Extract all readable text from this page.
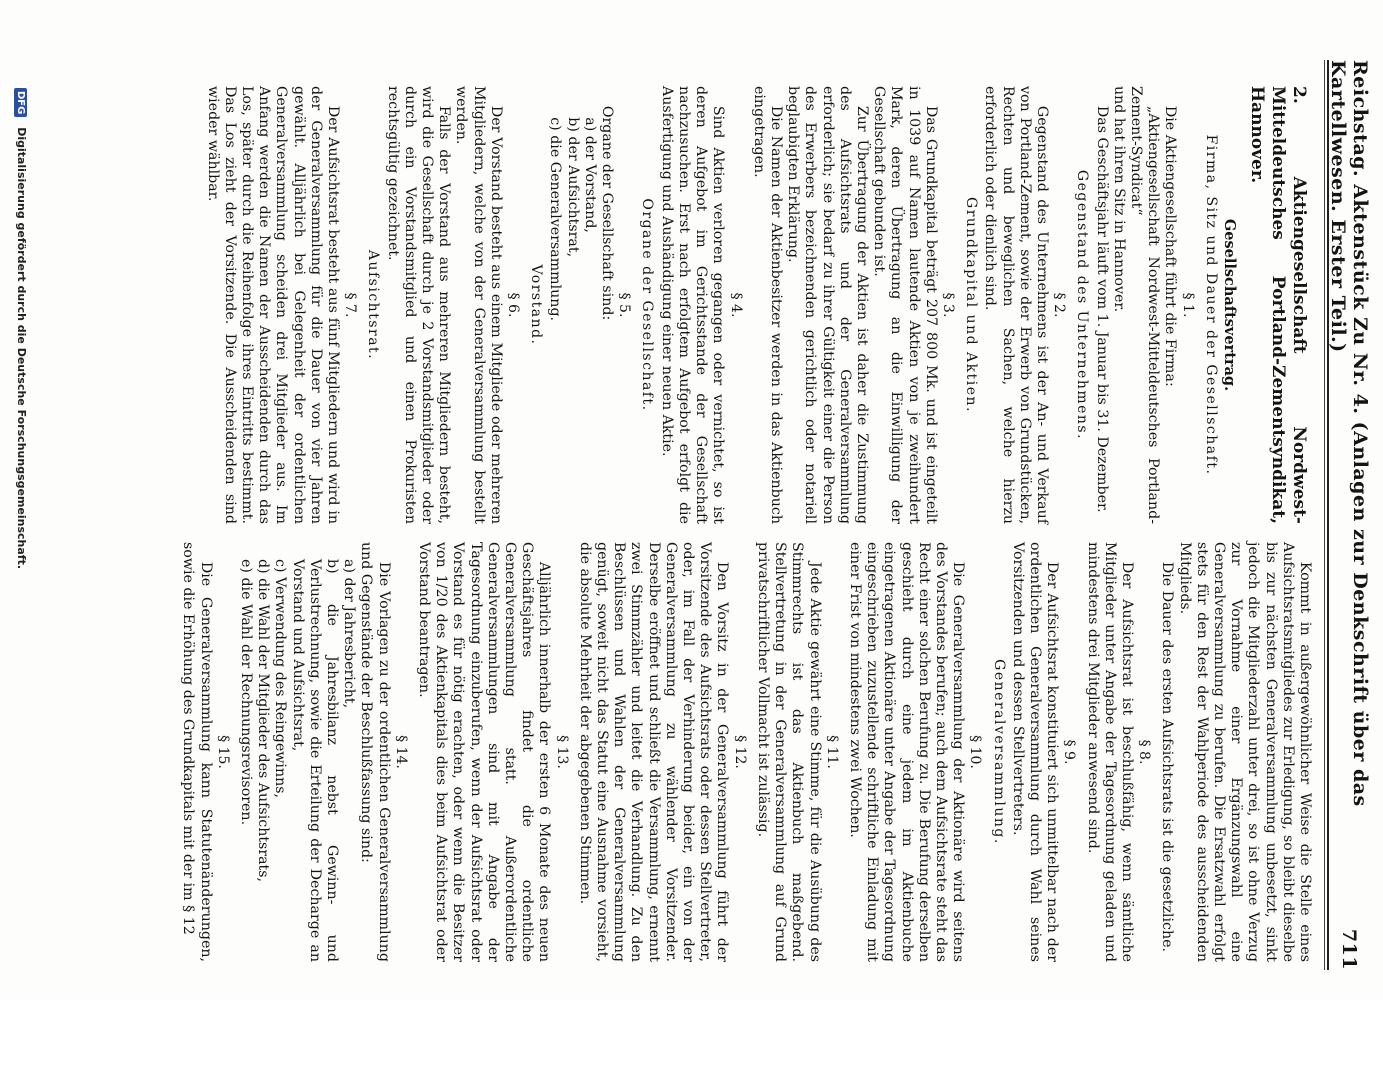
Reichstag. Aktenstück Zu Nr. 4. (Anlagen zur Denkschrift über das Kartellwesen. Erster Teil.)
711
2. Aktiengesellschaft Nordwest-Mitteldeutsches Portland-Zementsyndikat, Hannover.
Gesellschaftsvertrag.
Firma, Sitz und Dauer der Gesellschaft.
§ 1.

Die Aktiengesellschaft führt die Firma:

„Aktiengesellschaft Nordwest-Mitteldeutsches Portland-Zement-Syndicat“

und hat ihren Sitz in Hannover.

Das Geschäftsjahr läuft vom 1. Januar bis 31. Dezember.

Gegenstand des Unternehmens.
§ 2.

Gegenstand des Unternehmens ist der An- und Verkauf von Portland-Zement, sowie der Erwerb von Grundstücken, Rechten und beweglichen Sachen, welche hierzu erforderlich oder dienlich sind.

Grundkapital und Aktien.
§ 3.

Das Grundkapital beträgt 207 800 Mk. und ist eingeteilt in 1039 auf Namen lautende Aktien von je zweihundert Mark, deren Übertragung an die Einwilligung der Gesellschaft gebunden ist.

Zur Übertragung der Aktien ist daher die Zustimmung des Aufsichtsrats und der Generalversammlung erforderlich; sie bedarf zu ihrer Gültigkeit einer die Person des Erwerbers bezeichnenden gerichtlich oder notariell beglaubigten Erklärung.

Die Namen der Aktienbesitzer werden in das Aktienbuch eingetragen.

§ 4.

Sind Aktien verloren gegangen oder vernichtet, so ist deren Aufgebot im Gerichtsstande der Gesellschaft nachzusuchen. Erst nach erfolgtem Aufgebot erfolgt die Ausfertigung und Aushändigung einer neuen Aktie.

Organe der Gesellschaft.
§ 5.

Organe der Gesellschaft sind:

a) der Vorstand,
b) der Aufsichtsrat,
c) die Generalversammlung.
Vorstand.
§ 6.

Der Vorstand besteht aus einem Mitgliede oder mehreren Mitgliedern, welche von der Generalversammlung bestellt werden.

Falls der Vorstand aus mehreren Mitgliedern besteht, wird die Gesellschaft durch je 2 Vorstandsmitglieder oder durch ein Vorstandsmitglied und einen Prokuristen rechtsgültig gezeichnet.

Aufsichtsrat.
§ 7.

Der Aufsichtsrat besteht aus fünf Mitgliedern und wird in der Generalversammlung für die Dauer von vier Jahren gewählt. Alljährlich bei Gelegenheit der ordentlichen Generalversammlung scheiden drei Mitglieder aus. Im Anfang werden die Namen der Ausscheidenden durch das Los, später durch die Reihenfolge ihres Eintritts bestimmt. Das Los zieht der Vorsitzende. Die Ausscheidenden sind wieder wählbar.

Kommt in außergewöhnlicher Weise die Stelle eines Aufsichtsratsmitgliedes zur Erledigung, so bleibt dieselbe bis zur nächsten Generalversammlung unbesetzt, sinkt jedoch die Mitgliederzahl unter drei, so ist ohne Verzug zur Vornahme einer Ergänzungswahl eine Generalversammlung zu berufen. Die Ersatzwahl erfolgt stets für den Rest der Wahlperiode des ausscheidenden Mitglieds.

Die Dauer des ersten Aufsichtsrats ist die gesetzliche.

§ 8.

Der Aufsichtsrat ist beschlußfähig, wenn sämtliche Mitglieder unter Angabe der Tagesordnung geladen und mindestens drei Mitglieder anwesend sind.

§ 9.

Der Aufsichtsrat konstituiert sich unmittelbar nach der ordentlichen Generalversammlung durch Wahl seines Vorsitzenden und dessen Stellvertreters.

Generalversammlung.
§ 10.

Die Generalversammlung der Aktionäre wird seitens des Vorstandes berufen; auch dem Aufsichtsrate steht das Recht einer solchen Berufung zu. Die Berufung derselben geschieht durch eine jedem im Aktienbuche eingetragenen Aktionäre unter Angabe der Tagesordnung eingeschrieben zuzustellende schriftliche Einladung mit einer Frist von mindestens zwei Wochen.

§ 11.

Jede Aktie gewährt eine Stimme, für die Ausübung des Stimmrechts ist das Aktienbuch maßgebend. Stellvertretung in der Generalversammlung auf Grund privatschriftlicher Vollmacht ist zulässig.

§ 12.

Den Vorsitz in der Generalversammlung führt der Vorsitzende des Aufsichtsrats oder dessen Stellvertreter, oder, im Fall der Verhinderung beider, ein von der Generalversammlung zu wählender Vorsitzender. Derselbe eröffnet und schließt die Versammlung, ernennt zwei Stimmzähler und leitet die Verhandlung. Zu den Beschlüssen und Wahlen der Generalversammlung genügt, soweit nicht das Statut eine Ausnahme vorsieht, die absolute Mehrheit der abgegebenen Stimmen.

§ 13.

Alljährlich innerhalb der ersten 6 Monate des neuen Geschäftsjahres findet die ordentliche Generalversammlung statt. Außerordentliche Generalversammlungen sind mit Angabe der Tagesordnung einzuberufen, wenn der Aufsichtsrat oder Vorstand es für nötig erachten, oder wenn die Besitzer von 1/20 des Aktienkapitals dies beim Aufsichtsrat oder Vorstand beantragen.

§ 14.

Die Vorlagen zu der ordentlichen Generalversammlung und Gegenstände der Beschlußfassung sind:

a) der Jahresbericht,
b) die Jahresbilanz nebst Gewinn- und Verlustrechnung, sowie die Erteilung der Decharge an Vorstand und Aufsichtsrat,
c) Verwendung des Reingewinns,
d) die Wahl der Mitglieder des Aufsichtsrats,
e) die Wahl der Rechnungsrevisoren.
§ 15.

Die Generalversammlung kann Statutenänderungen, sowie die Erhöhung des Grundkapitals mit der im § 12

DFG Digitalisierung gefördert durch die Deutsche Forschungsgemeinschaft.
